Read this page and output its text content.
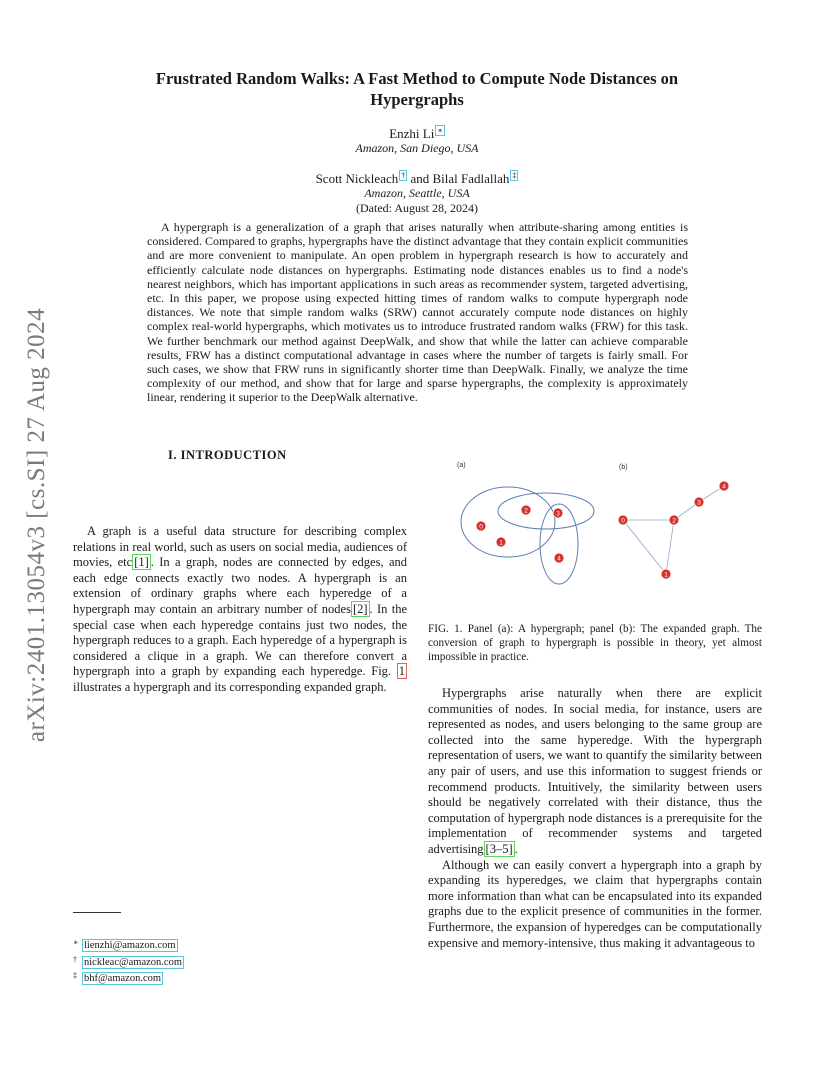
arXiv:2401.13054v3 [cs.SI] 27 Aug 2024
Frustrated Random Walks: A Fast Method to Compute Node Distances on
Hypergraphs
Enzhi Li ∗
Amazon, San Diego, USA
Scott Nickleach † and Bilal Fadlallah ‡
Amazon, Seattle, USA
(Dated: August 28, 2024)

A hypergraph is a generalization of a graph that arises naturally when attribute-sharing among entities is considered. Compared to graphs, hypergraphs have the distinct advantage that they contain explicit communities and are more convenient to manipulate. An open problem in hypergraph research is how to accurately and efficiently calculate node distances on hypergraphs. Estimating node distances enables us to find a node's nearest neighbors, which has important applications in such areas as recommender system, targeted advertising, etc. In this paper, we propose using expected hitting times of random walks to compute hypergraph node distances. We note that simple random walks (SRW) cannot accurately compute node distances on highly complex real-world hypergraphs, which motivates us to introduce frustrated random walks (FRW) for this task. We further benchmark our method against DeepWalk, and show that while the latter can achieve comparable results, FRW has a distinct computational advantage in cases where the number of targets is fairly small. For such cases, we show that FRW runs in significantly shorter time than DeepWalk. Finally, we analyze the time complexity of our method, and show that for large and sparse hypergraphs, the complexity is approximately linear, rendering it superior to the DeepWalk alternative.

I. INTRODUCTION

A graph is a useful data structure for describing complex relations in real world, such as users on social media, audiences of movies, etc [1] . In a graph, nodes are connected by edges, and each edge connects exactly two nodes. A hypergraph is an extension of ordinary graphs where each hyperedge of a hypergraph may contain an arbitrary number of nodes [2] . In the special case when each hyperedge contains just two nodes, the hypergraph reduces to a graph. Each hyperedge of a hypergraph is considered a clique in a graph. We can therefore convert a hypergraph into a graph by expanding each hyperedge. Fig. 1 illustrates a hypergraph and its corresponding expanded graph.

(a)	(b)
0
1
2	3
4
0
1
2
3
4
FIG. 1. Panel (a): A hypergraph; panel (b): The expanded graph. The conversion of graph to hypergraph is possible in theory, yet almost impossible in practice.

Hypergraphs arise naturally when there are explicit communities of nodes. In social media, for instance, users are represented as nodes, and users belonging to the same group are collected into the same hyperedge. With the hypergraph representation of users, we want to quantify the similarity between any pair of users, and use this information to suggest friends or recommend products. Intuitively, the similarity between users should be negatively correlated with their distance, thus the computation of hypergraph node distances is a prerequisite for the implementation of recommender systems and targeted advertising [3–5] .

Although we can easily convert a hypergraph into a graph by expanding its hyperedges, we claim that hypergraphs contain more information than what can be encapsulated into its expanded graphs due to the explicit presence of communities in the former. Furthermore, the expansion of hyperedges can be computationally expensive and memory-intensive, thus making it advantageous to

∗ lienzhi@amazon.com
† nickleac@amazon.com
‡ bhf@amazon.com
